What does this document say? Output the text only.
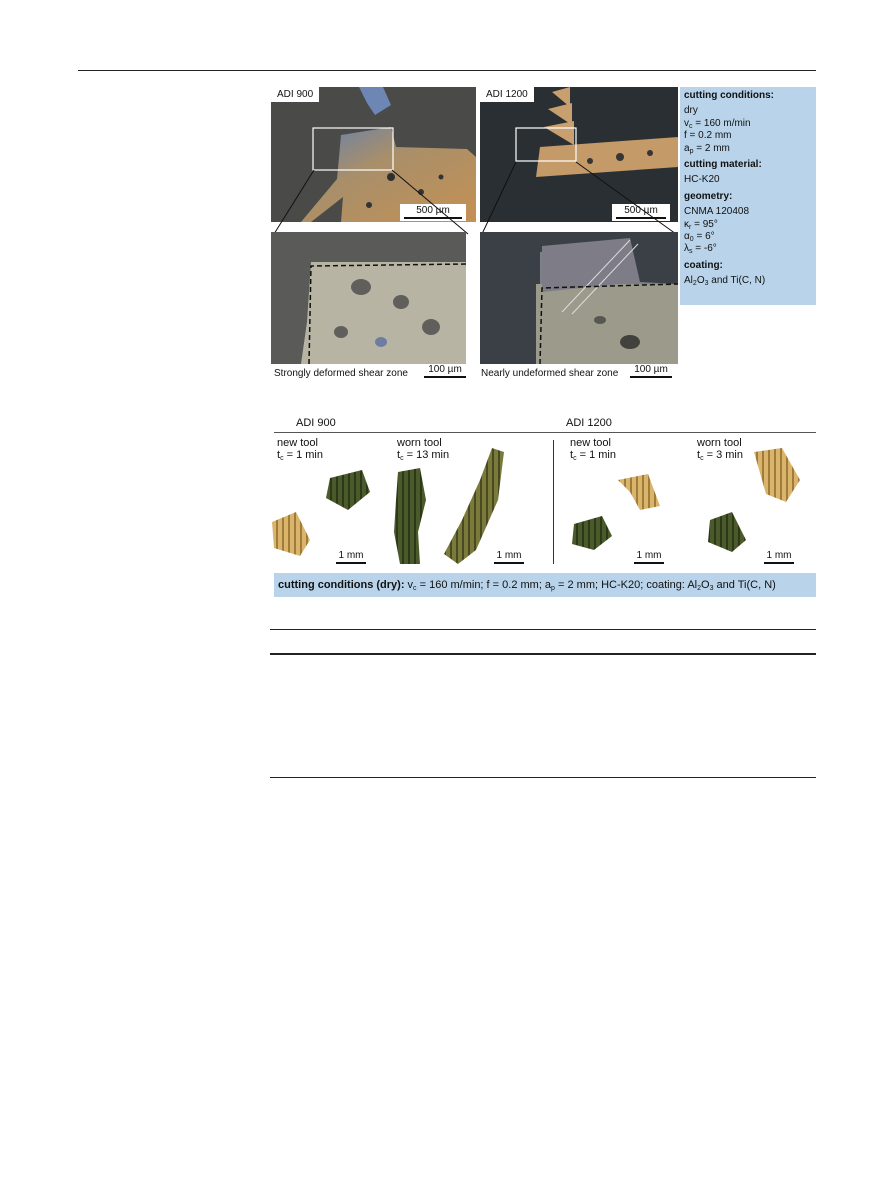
ADI 900
500 µm
ADI 1200
500 µm
Strongly deformed shear zone	100 µm	Nearly undeformed shear zone	100 µm
cutting conditions:
dry
$v_c = 160$ m/min
f = 0.2 mm
$a_p = 2$ mm
cutting material:
HC-K20
geometry:
CNMA 120408
$\kappa_r = 95^\circ$
$\alpha_0 = 6^\circ$
$\lambda_s = -6^\circ$
coating:
$Al_2O_3$ and Ti(C, N)
ADI 900	ADI 1200
new tool
$t_c = 1$ min
worn tool
$t_c = 13$ min
new tool
$t_c = 1$ min
worn tool
$t_c = 3$ min
1 mm	1 mm	1 mm	1 mm
cutting conditions (dry): $v_c = 160$ m/min; f = 0.2 mm; $a_p = 2$ mm; HC-K20; coating: $Al_2O_3$ and Ti(C, N)
